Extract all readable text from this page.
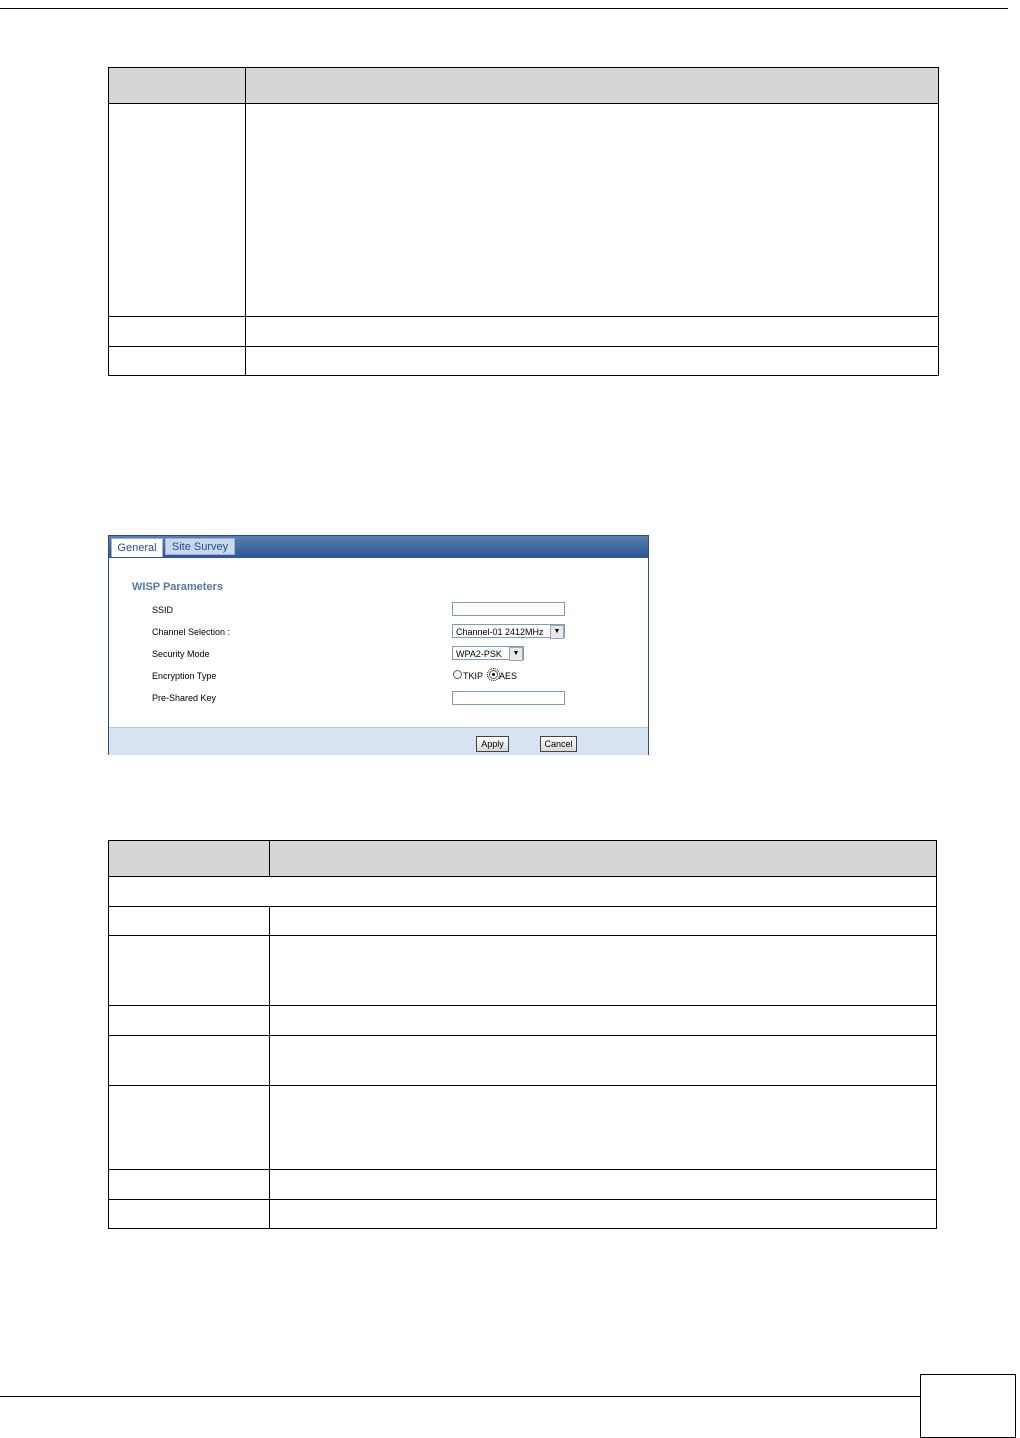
General	Site Survey
WISP Parameters
SSID
Channel Selection :	Channel-01 2412MHz	▼
Security Mode	WPA2-PSK	▼
Encryption Type	TKIP AES
Pre-Shared Key
Apply	Cancel
